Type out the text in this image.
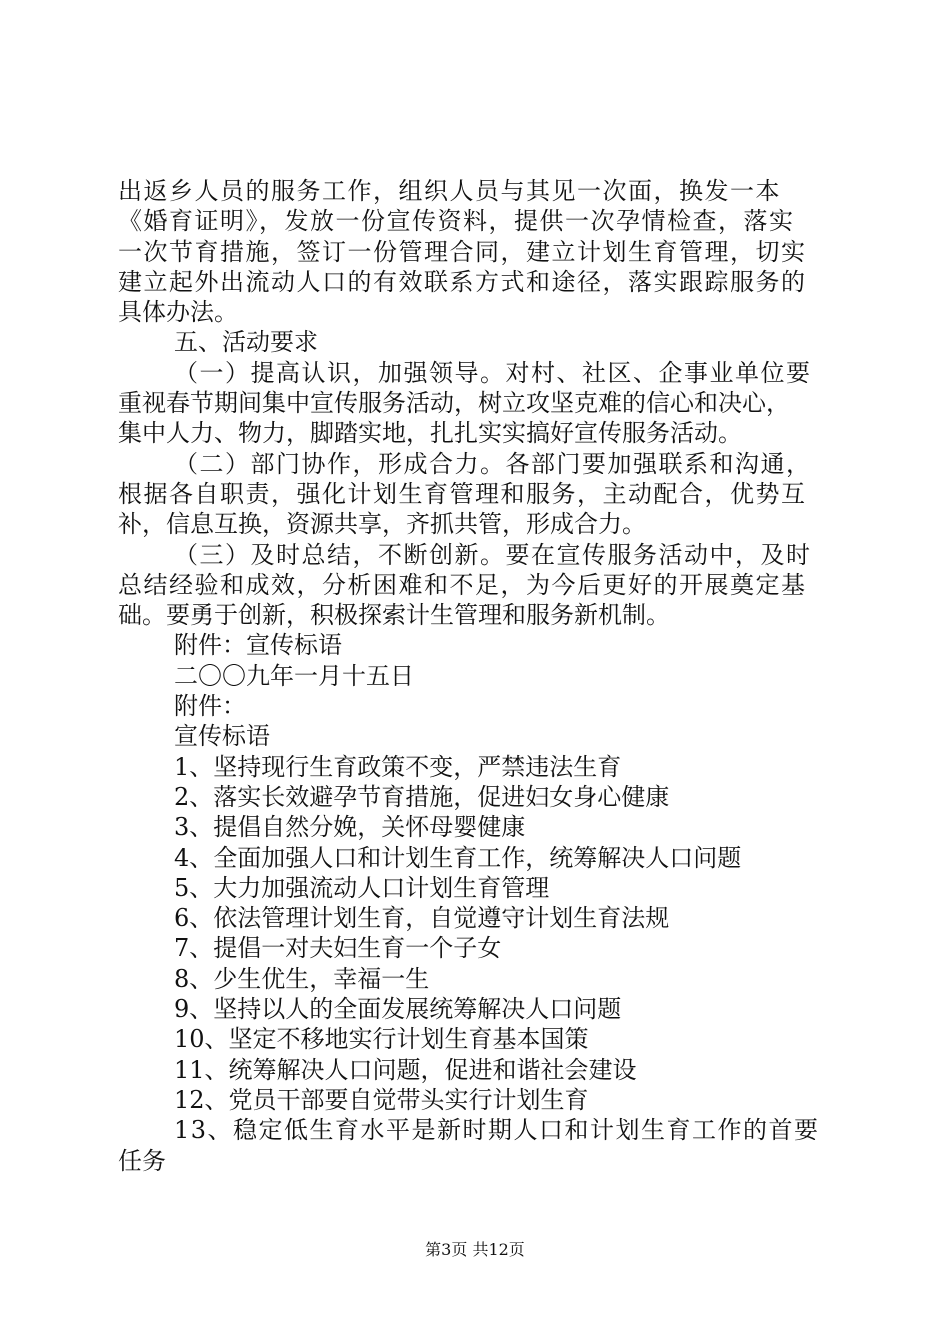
出返乡人员的服务工作，组织人员与其见一次面，换发一本
《婚育证明》，发放一份宣传资料，提供一次孕情检查，落实
一次节育措施，签订一份管理合同，建立计划生育管理，切实
建立起外出流动人口的有效联系方式和途径，落实跟踪服务的
具体办法。
五、活动要求
（一）提高认识，加强领导。对村、社区、企事业单位要
重视春节期间集中宣传服务活动，树立攻坚克难的信心和决心，
集中人力、物力，脚踏实地，扎扎实实搞好宣传服务活动。
（二）部门协作，形成合力。各部门要加强联系和沟通，
根据各自职责，强化计划生育管理和服务，主动配合，优势互
补，信息互换，资源共享，齐抓共管，形成合力。
（三）及时总结，不断创新。要在宣传服务活动中，及时
总结经验和成效，分析困难和不足，为今后更好的开展奠定基
础。要勇于创新，积极探索计生管理和服务新机制。
附件：宣传标语
二〇〇九年一月十五日
附件：
宣传标语
1、坚持现行生育政策不变，严禁违法生育
2、落实长效避孕节育措施，促进妇女身心健康
3、提倡自然分娩，关怀母婴健康
4、全面加强人口和计划生育工作，统筹解决人口问题
5、大力加强流动人口计划生育管理
6、依法管理计划生育，自觉遵守计划生育法规
7、提倡一对夫妇生育一个子女
8、少生优生，幸福一生
9、坚持以人的全面发展统筹解决人口问题
10、坚定不移地实行计划生育基本国策
11、统筹解决人口问题，促进和谐社会建设
12、党员干部要自觉带头实行计划生育
13、稳定低生育水平是新时期人口和计划生育工作的首要
任务
第3页 共12页
